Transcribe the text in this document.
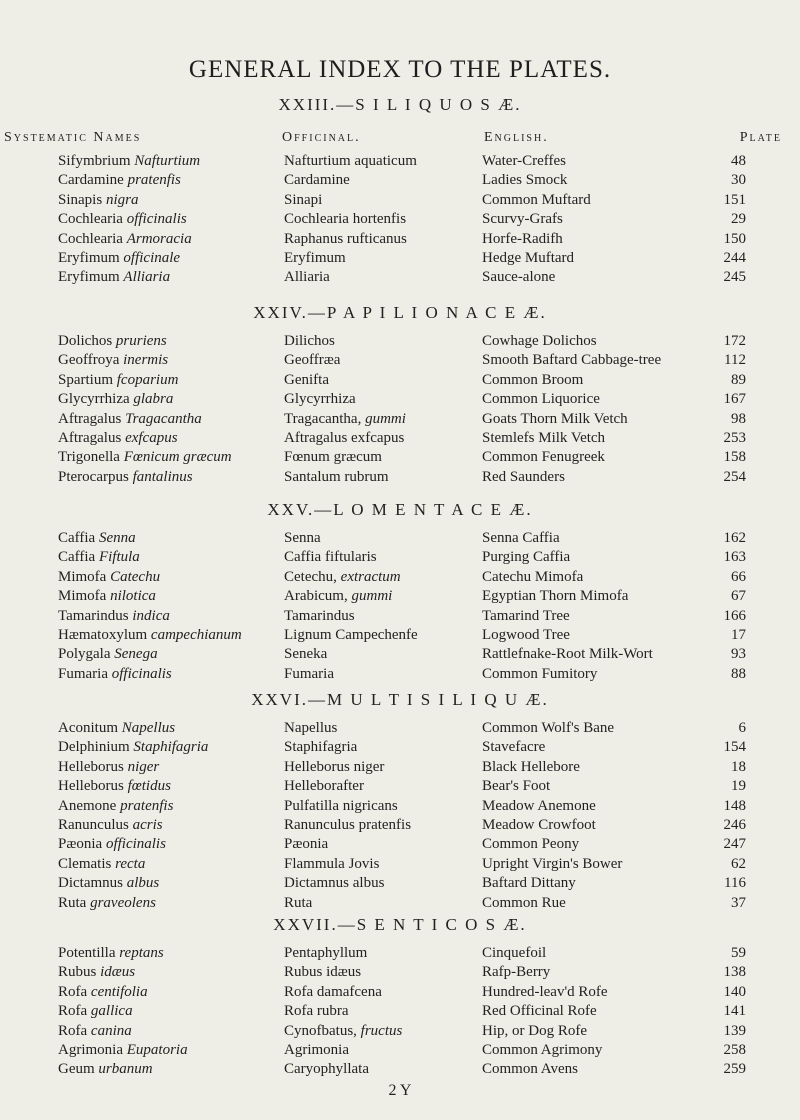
GENERAL INDEX TO THE PLATES.
Systematic Names	Officinal.	English.	Plate
XXIII.—S I L I Q U O S Æ.
Sifymbrium Nafturtium	Nafturtium aquaticum	Water-Creffes	48
Cardamine pratenfis	Cardamine	Ladies Smock	30
Sinapis nigra	Sinapi	Common Muftard	151
Cochlearia officinalis	Cochlearia hortenfis	Scurvy-Grafs	29
Cochlearia Armoracia	Raphanus rufticanus	Horfe-Radifh	150
Eryfimum officinale	Eryfimum	Hedge Muftard	244
Eryfimum Alliaria	Alliaria	Sauce-alone	245
XXIV.—P A P I L I O N A C E Æ.
Dolichos pruriens	Dilichos	Cowhage Dolichos	172
Geoffroya inermis	Geoffræa	Smooth Baftard Cabbage-tree	112
Spartium fcoparium	Genifta	Common Broom	89
Glycyrrhiza glabra	Glycyrrhiza	Common Liquorice	167
Aftragalus Tragacantha	Tragacantha, gummi	Goats Thorn Milk Vetch	98
Aftragalus exfcapus	Aftragalus exfcapus	Stemlefs Milk Vetch	253
Trigonella Fœnicum græcum	Fœnum græcum	Common Fenugreek	158
Pterocarpus fantalinus	Santalum rubrum	Red Saunders	254
XXV.—L O M E N T A C E Æ.
Caffia Senna	Senna	Senna Caffia	162
Caffia Fiftula	Caffia fiftularis	Purging Caffia	163
Mimofa Catechu	Cetechu, extractum	Catechu Mimofa	66
Mimofa nilotica	Arabicum, gummi	Egyptian Thorn Mimofa	67
Tamarindus indica	Tamarindus	Tamarind Tree	166
Hæmatoxylum campechianum	Lignum Campechenfe	Logwood Tree	17
Polygala Senega	Seneka	Rattlefnake-Root Milk-Wort	93
Fumaria officinalis	Fumaria	Common Fumitory	88
XXVI.—M U L T I S I L I Q U Æ.
Aconitum Napellus	Napellus	Common Wolf's Bane	6
Delphinium Staphifagria	Staphifagria	Stavefacre	154
Helleborus niger	Helleborus niger	Black Hellebore	18
Helleborus fœtidus	Helleborafter	Bear's Foot	19
Anemone pratenfis	Pulfatilla nigricans	Meadow Anemone	148
Ranunculus acris	Ranunculus pratenfis	Meadow Crowfoot	246
Pæonia officinalis	Pæonia	Common Peony	247
Clematis recta	Flammula Jovis	Upright Virgin's Bower	62
Dictamnus albus	Dictamnus albus	Baftard Dittany	116
Ruta graveolens	Ruta	Common Rue	37
XXVII.—S E N T I C O S Æ.
Potentilla reptans	Pentaphyllum	Cinquefoil	59
Rubus idæus	Rubus idæus	Rafp-Berry	138
Rofa centifolia	Rofa damafcena	Hundred-leav'd Rofe	140
Rofa gallica	Rofa rubra	Red Officinal Rofe	141
Rofa canina	Cynofbatus, fructus	Hip, or Dog Rofe	139
Agrimonia Eupatoria	Agrimonia	Common Agrimony	258
Geum urbanum	Caryophyllata	Common Avens	259
2 Y
